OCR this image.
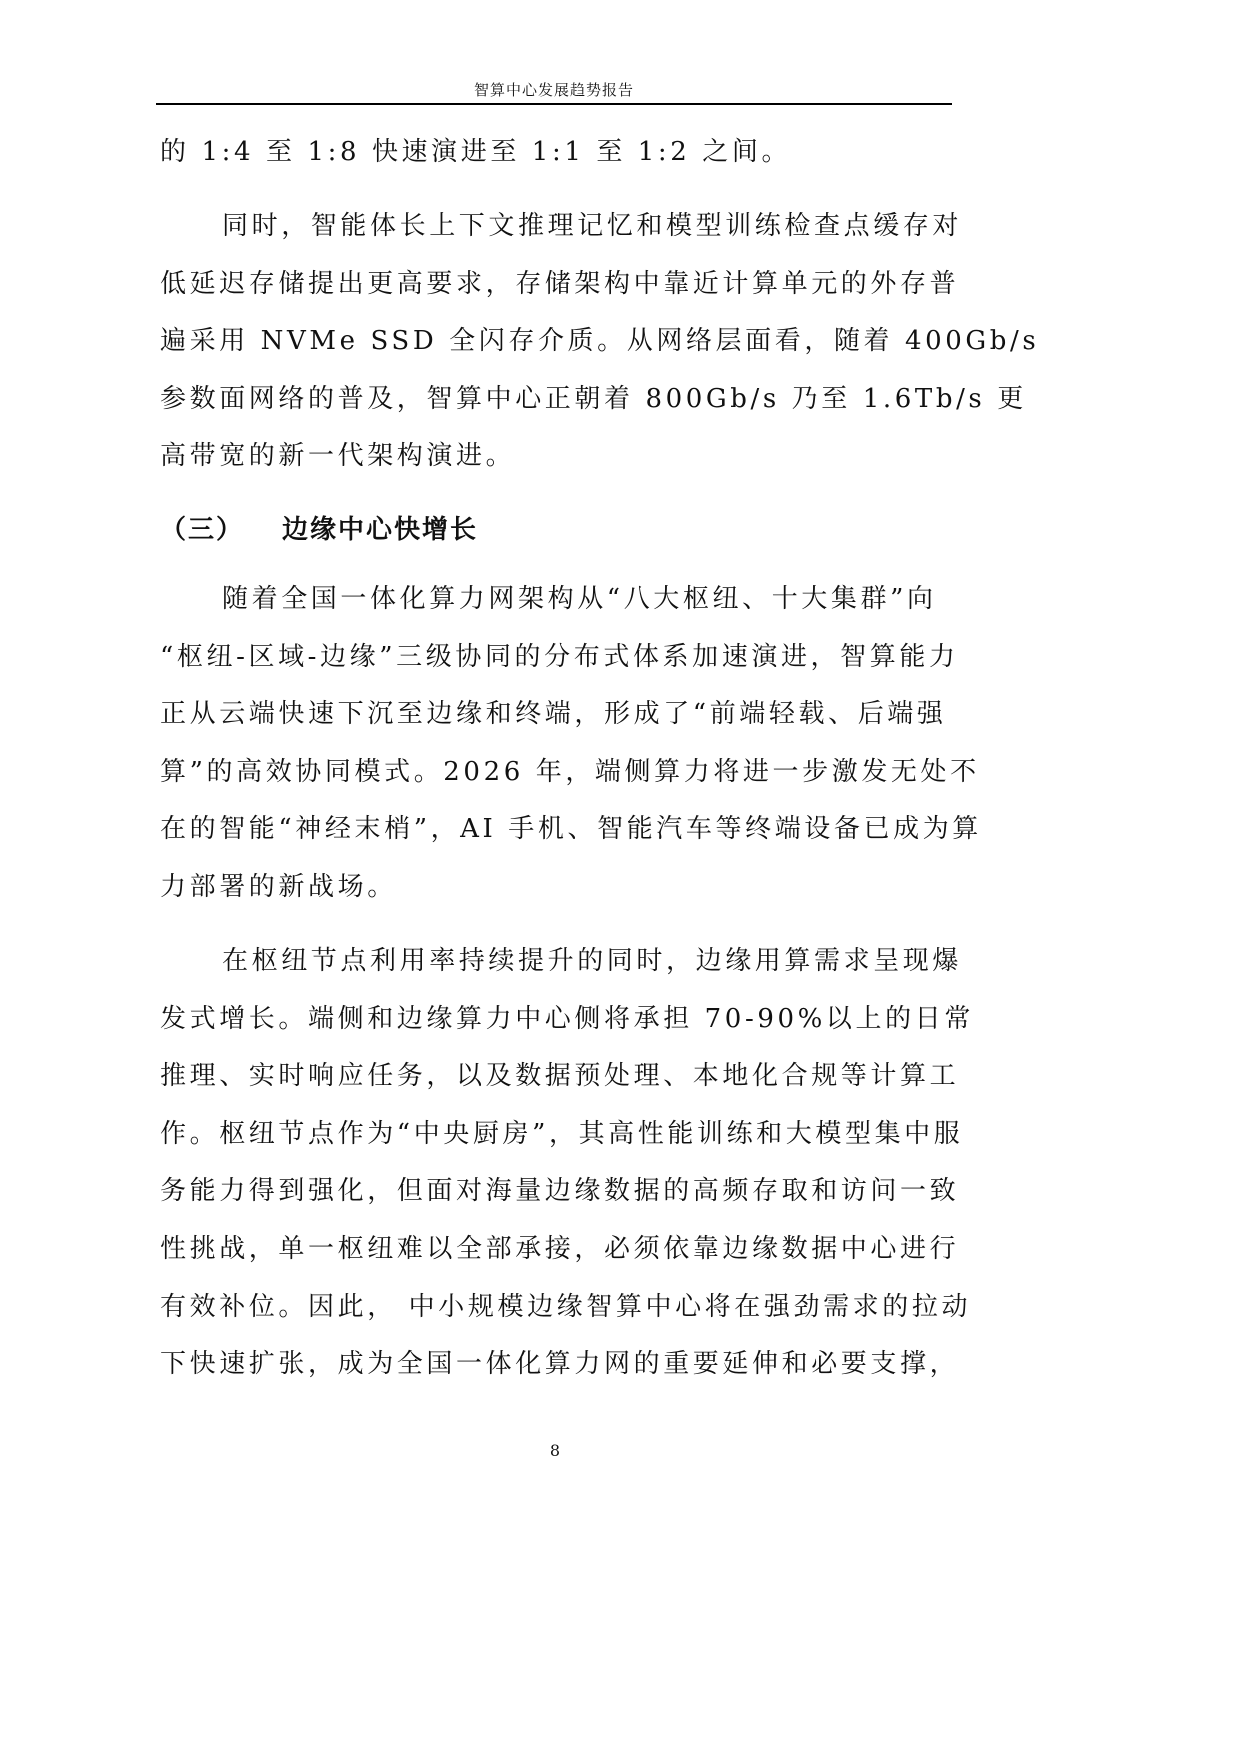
智算中心发展趋势报告
的 1:4 至 1:8 快速演进至 1:1 至 1:2 之间。
同时，智能体长上下文推理记忆和模型训练检查点缓存对
低延迟存储提出更高要求，存储架构中靠近计算单元的外存普
遍采用 NVMe SSD 全闪存介质。从网络层面看，随着 400Gb/s
参数面网络的普及，智算中心正朝着 800Gb/s 乃至 1.6Tb/s 更
高带宽的新一代架构演进。
（三） 边缘中心快增长
随着全国一体化算力网架构从“八大枢纽、十大集群”向
“枢纽-区域-边缘”三级协同的分布式体系加速演进，智算能力
正从云端快速下沉至边缘和终端，形成了“前端轻载、后端强
算”的高效协同模式。2026 年，端侧算力将进一步激发无处不
在的智能“神经末梢”，AI 手机、智能汽车等终端设备已成为算
力部署的新战场。
在枢纽节点利用率持续提升的同时，边缘用算需求呈现爆
发式增长。端侧和边缘算力中心侧将承担 70-90%以上的日常
推理、实时响应任务，以及数据预处理、本地化合规等计算工
作。枢纽节点作为“中央厨房”，其高性能训练和大模型集中服
务能力得到强化，但面对海量边缘数据的高频存取和访问一致
性挑战，单一枢纽难以全部承接，必须依靠边缘数据中心进行
有效补位。因此， 中小规模边缘智算中心将在强劲需求的拉动
下快速扩张，成为全国一体化算力网的重要延伸和必要支撑，
8
